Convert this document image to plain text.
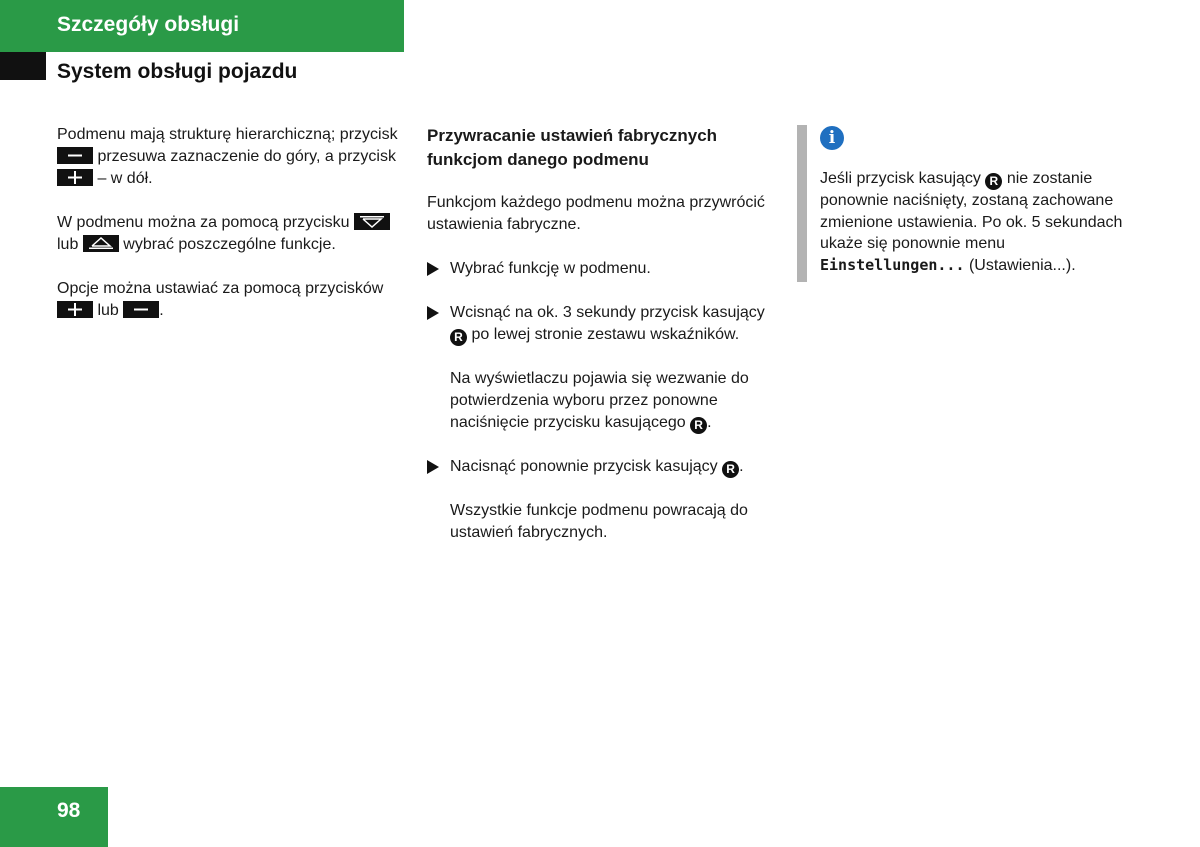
Szczegóły obsługi
System obsługi pojazdu

Podmenu mają strukturę hierarchiczną; przycisk

przesuwa zaznaczenie do góry, a przycisk

– w dół.

W podmenu można za pomocą przycisku

lub	wybrać poszczególne funkcje.

Opcje można ustawiać za pomocą przycisków

lub	.

Przywracanie ustawień fabrycznych funkcjom danego podmenu

Funkcjom każdego podmenu można przywrócić ustawienia fabryczne.

Wybrać funkcję w podmenu.

Wcisnąć na ok. 3 sekundy przycisk kasujący R po lewej stronie zestawu wskaźników.

Na wyświetlaczu pojawia się wezwanie do potwierdzenia wyboru przez ponowne naciśnięcie przycisku kasującego R .

Nacisnąć ponownie przycisk kasujący R .

Wszystkie funkcje podmenu powracają do ustawień fabrycznych.

i

Jeśli przycisk kasujący R nie zostanie ponownie naciśnięty, zostaną zachowane zmienione ustawienia. Po ok. 5 sekundach ukaże się ponownie menu Einstellungen... (Ustawienia...).

98
